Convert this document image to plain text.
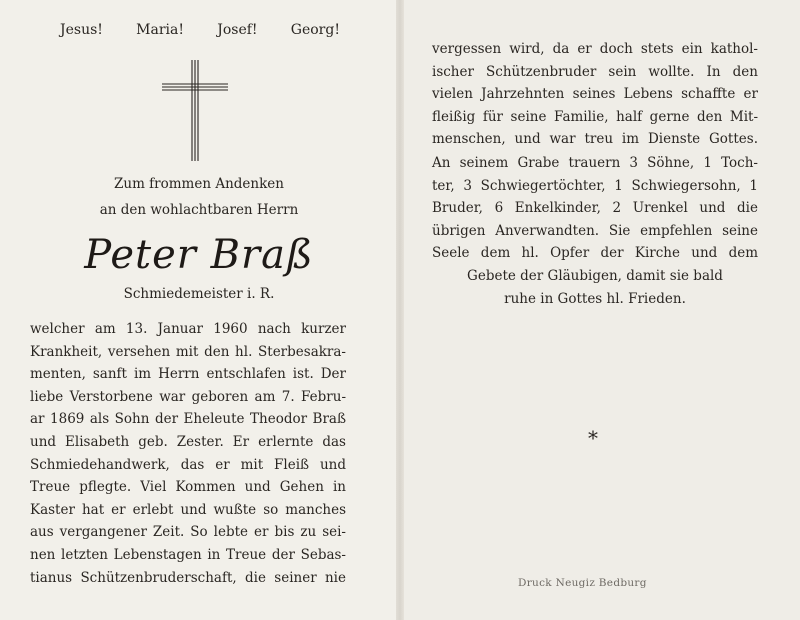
Jesus! Maria! Josef! Georg!
Zum frommen Andenken
an den wohlachtbaren Herrn
Peter Braß
Schmiedemeister i. R.
welcher am 13. Januar 1960 nach kurzer
Krankheit, versehen mit den hl. Sterbesakra-
menten, sanft im Herrn entschlafen ist. Der
liebe Verstorbene war geboren am 7. Febru-
ar 1869 als Sohn der Eheleute Theodor Braß
und Elisabeth geb. Zester. Er erlernte das
Schmiedehandwerk, das er mit Fleiß und
Treue pflegte. Viel Kommen und Gehen in
Kaster hat er erlebt und wußte so manches
aus vergangener Zeit. So lebte er bis zu sei-
nen letzten Lebenstagen in Treue der Sebas-
tianus Schützenbruderschaft, die seiner nie
vergessen wird, da er doch stets ein kathol-
ischer Schützenbruder sein wollte. In den
vielen Jahrzehnten seines Lebens schaffte er
fleißig für seine Familie, half gerne den Mit-
menschen, und war treu im Dienste Gottes.
An seinem Grabe trauern 3 Söhne, 1 Toch-
ter, 3 Schwiegertöchter, 1 Schwiegersohn, 1
Bruder, 6 Enkelkinder, 2 Urenkel und die
übrigen Anverwandten. Sie empfehlen seine
Seele dem hl. Opfer der Kirche und dem
Gebete der Gläubigen, damit sie bald
ruhe in Gottes hl. Frieden.
*
Druck Neugiz Bedburg
